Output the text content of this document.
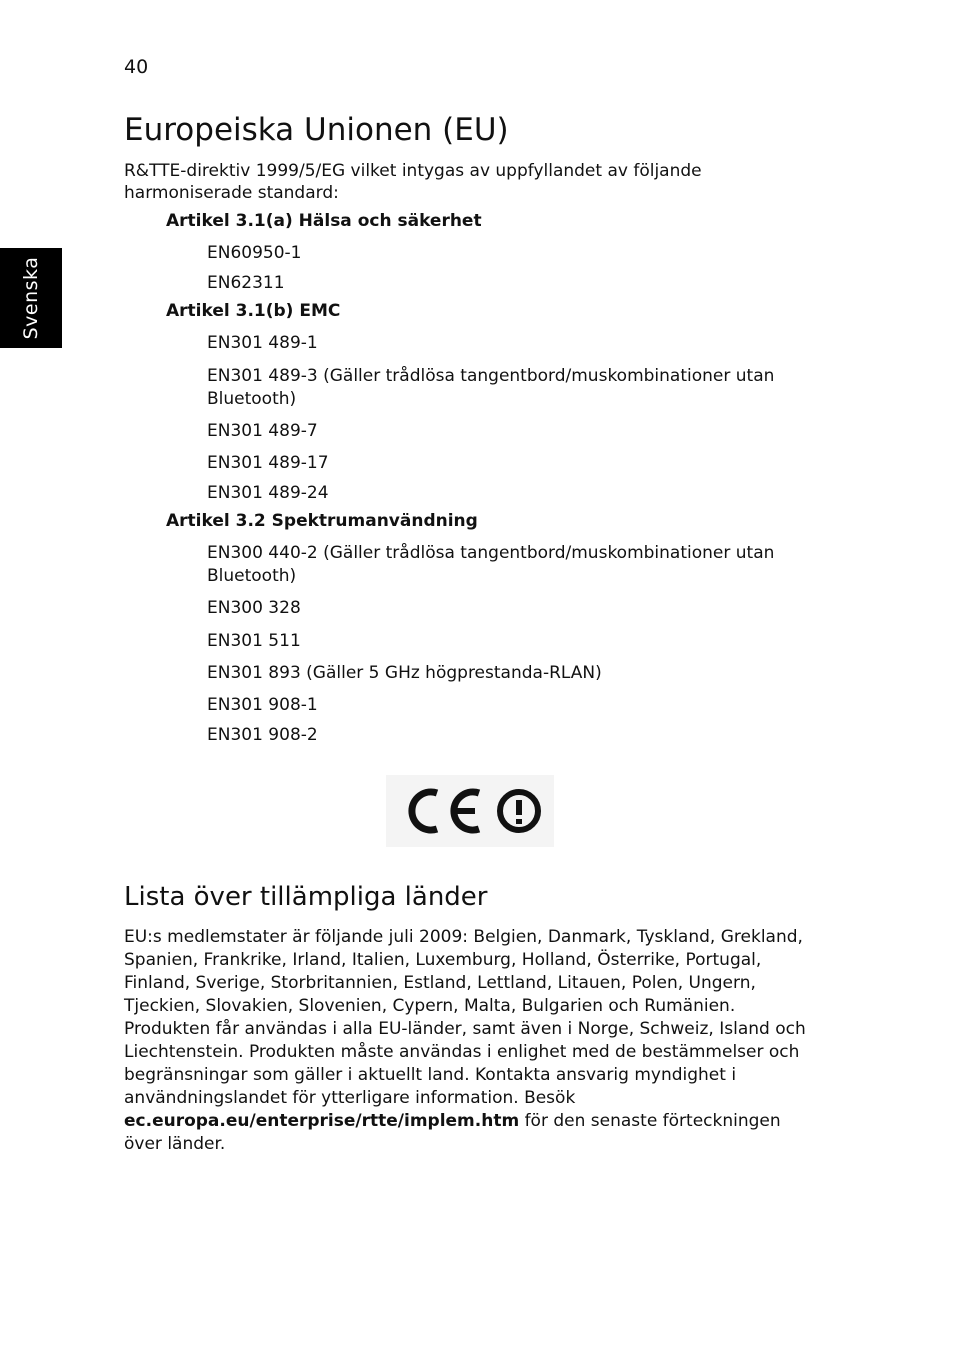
40
Svenska
Europeiska Unionen (EU)

R&TTE-direktiv 1999/5/EG vilket intygas av uppfyllandet av följande harmoniserade standard:

Artikel 3.1(a) Hälsa och säkerhet
EN60950-1
EN62311
Artikel 3.1(b) EMC
EN301 489-1
EN301 489-3 (Gäller trådlösa tangentbord/muskombinationer utan Bluetooth)
EN301 489-7
EN301 489-17
EN301 489-24
Artikel 3.2 Spektrumanvändning
EN300 440-2 (Gäller trådlösa tangentbord/muskombinationer utan Bluetooth)
EN300 328
EN301 511
EN301 893 (Gäller 5 GHz högprestanda-RLAN)
EN301 908-1
EN301 908-2
Lista över tillämpliga länder

EU:s medlemstater är följande juli 2009: Belgien, Danmark, Tyskland, Grekland, Spanien, Frankrike, Irland, Italien, Luxemburg, Holland, Österrike, Portugal, Finland, Sverige, Storbritannien, Estland, Lettland, Litauen, Polen, Ungern, Tjeckien, Slovakien, Slovenien, Cypern, Malta, Bulgarien och Rumänien. Produkten får användas i alla EU-länder, samt även i Norge, Schweiz, Island och Liechtenstein. Produkten måste användas i enlighet med de bestämmelser och begränsningar som gäller i aktuellt land. Kontakta ansvarig myndighet i användningslandet för ytterligare information. Besök ec.europa.eu/enterprise/rtte/implem.htm för den senaste förteckningen över länder.
